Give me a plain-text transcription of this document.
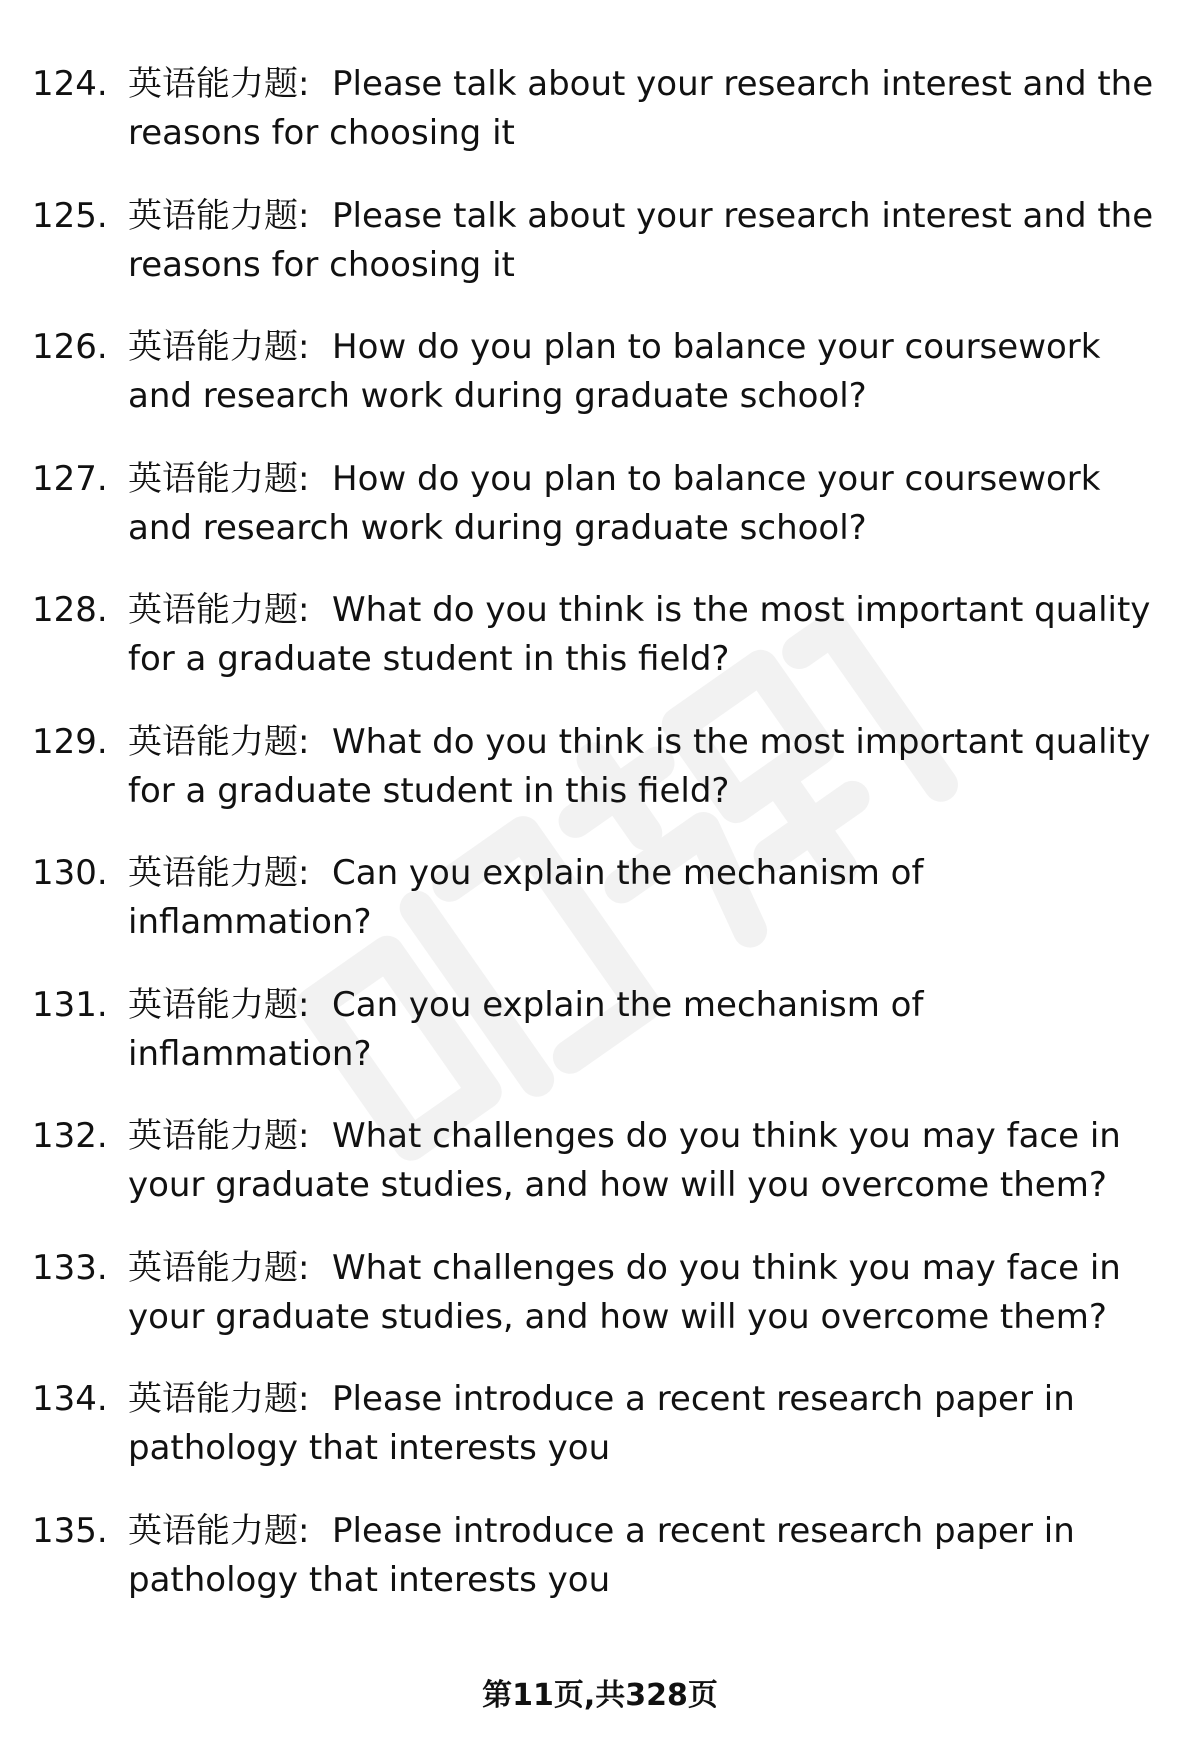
124. 英语能力题: Please talk about your research interest and the reasons for choosing it
125. 英语能力题: Please talk about your research interest and the reasons for choosing it
126. 英语能力题: How do you plan to balance your coursework and research work during graduate school?
127. 英语能力题: How do you plan to balance your coursework and research work during graduate school?
128. 英语能力题: What do you think is the most important quality for a graduate student in this field?
129. 英语能力题: What do you think is the most important quality for a graduate student in this field?
130. 英语能力题: Can you explain the mechanism of inflammation?
131. 英语能力题: Can you explain the mechanism of inflammation?
132. 英语能力题: What challenges do you think you may face in your graduate studies, and how will you overcome them?
133. 英语能力题: What challenges do you think you may face in your graduate studies, and how will you overcome them?
134. 英语能力题: Please introduce a recent research paper in pathology that interests you
135. 英语能力题: Please introduce a recent research paper in pathology that interests you
第11页,共328页
